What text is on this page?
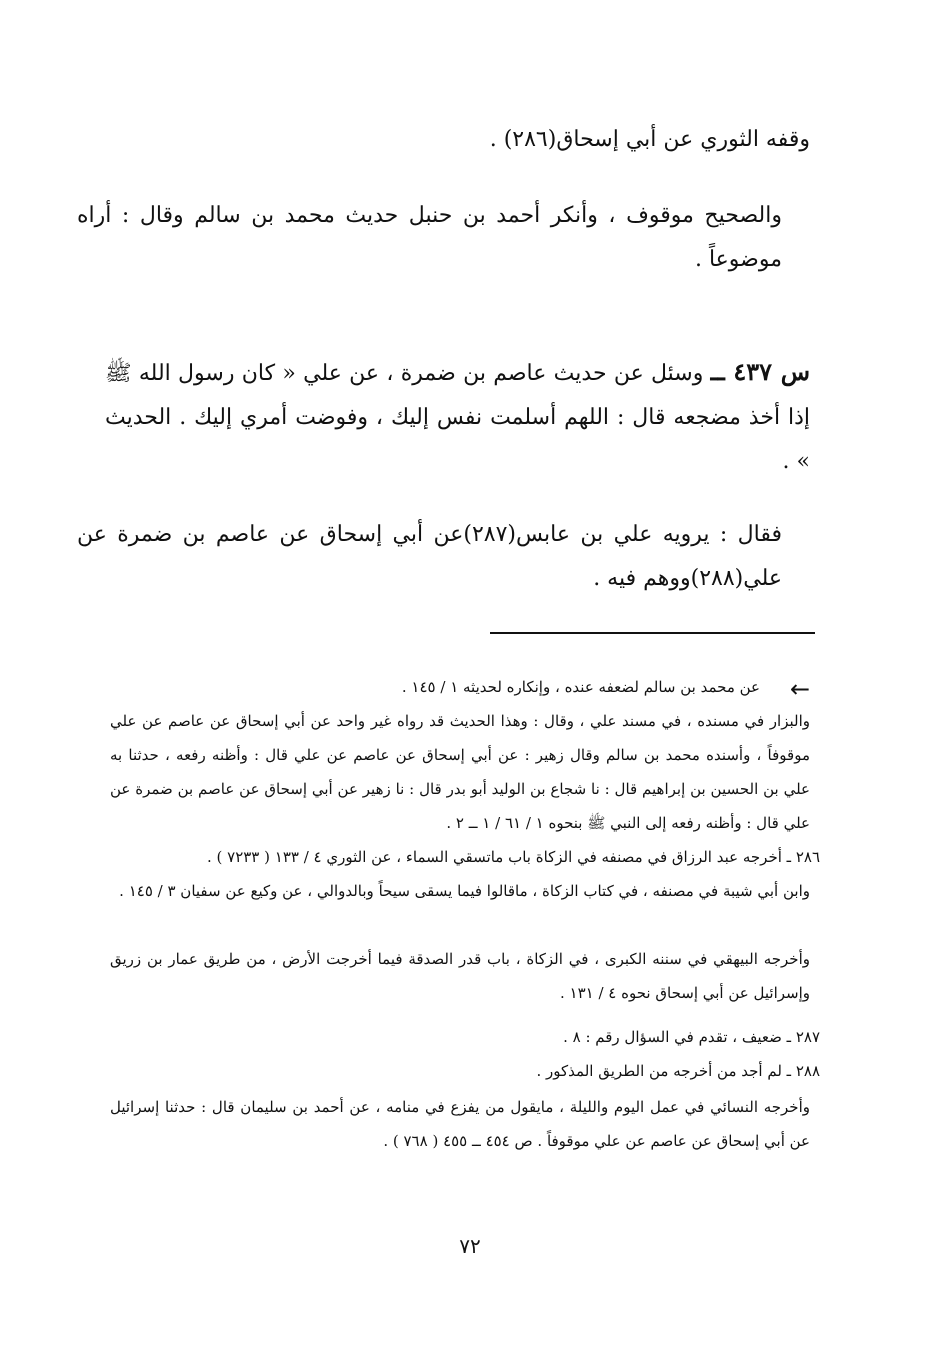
وقفه الثوري عن أبي إسحاق(٢٨٦) .
والصحيح موقوف ، وأنكر أحمد بن حنبل حديث محمد بن سالم وقال : أراه موضوعاً .
س ٤٣٧ ــ وسئل عن حديث عاصم بن ضمرة ، عن علي « كان رسول الله ﷺ إذا أخذ مضجعه قال : اللهم أسلمت نفس إليك ، وفوضت أمري إليك . الحديث » .
فقال : يرويه علي بن عابس(٢٨٧)عن أبي إسحاق عن عاصم بن ضمرة عن علي(٢٨٨)ووهم فيه .
←
عن محمد بن سالم لضعفه عنده ، وإنكاره لحديثه ١ / ١٤٥ .
والبزار في مسنده ، في مسند علي ، وقال : وهذا الحديث قد رواه غير واحد عن أبي إسحاق عن عاصم عن علي موقوفاً ، وأسنده محمد بن سالم وقال زهير : عن أبي إسحاق عن عاصم عن علي قال : وأظنه رفعه ، حدثنا به علي بن الحسين بن إبراهيم قال : نا شجاع بن الوليد أبو بدر قال : نا زهير عن أبي إسحاق عن عاصم بن ضمرة عن علي قال : وأظنه رفعه إلى النبي ﷺ بنحوه ١ / ٦١ / ١ ــ ٢ .
٢٨٦ ـ أخرجه عبد الرزاق في مصنفه في الزكاة باب ماتسقي السماء ، عن الثوري ٤ / ١٣٣ ( ٧٢٣٣ ) .
وابن أبي شيبة في مصنفه ، في كتاب الزكاة ، ماقالوا فيما يسقى سيحاً وبالدوالي ، عن وكيع عن سفيان ٣ / ١٤٥ .
وأخرجه البيهقي في سننه الكبرى ، في الزكاة ، باب قدر الصدقة فيما أخرجت الأرض ، من طريق عمار بن زريق وإسرائيل عن أبي إسحاق نحوه ٤ / ١٣١ .
٢٨٧ ـ ضعيف ، تقدم في السؤال رقم : ٨ .
٢٨٨ ـ لم أجد من أخرجه من الطريق المذكور .
وأخرجه النسائي في عمل اليوم والليلة ، مايقول من يفزع في منامه ، عن أحمد بن سليمان قال : حدثنا إسرائيل عن أبي إسحاق عن عاصم عن علي موقوفاً . ص ٤٥٤ ــ ٤٥٥ ( ٧٦٨ ) .
٧٢
